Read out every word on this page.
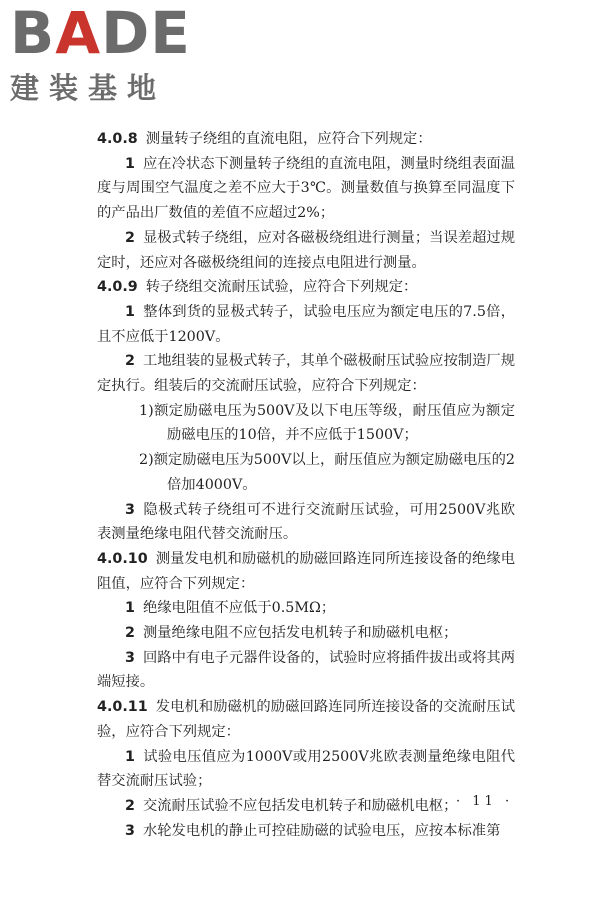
B A DE
建装基地

4.0.8 测量转子绕组的直流电阻，应符合下列规定：

1 应在冷状态下测量转子绕组的直流电阻，测量时绕组表面温度与周围空气温度之差不应大于3℃。测量数值与换算至同温度下的产品出厂数值的差值不应超过2%；

2 显极式转子绕组，应对各磁极绕组进行测量；当误差超过规定时，还应对各磁极绕组间的连接点电阻进行测量。

4.0.9 转子绕组交流耐压试验，应符合下列规定：

1 整体到货的显极式转子，试验电压应为额定电压的7.5倍，且不应低于1200V。

2 工地组装的显极式转子，其单个磁极耐压试验应按制造厂规定执行。组装后的交流耐压试验，应符合下列规定：

1)额定励磁电压为500V及以下电压等级，耐压值应为额定励磁电压的10倍，并不应低于1500V；

2)额定励磁电压为500V以上，耐压值应为额定励磁电压的2倍加4000V。

3 隐极式转子绕组可不进行交流耐压试验，可用2500V兆欧表测量绝缘电阻代替交流耐压。

4.0.10 测量发电机和励磁机的励磁回路连同所连接设备的绝缘电阻值，应符合下列规定：

1 绝缘电阻值不应低于0.5MΩ；

2 测量绝缘电阻不应包括发电机转子和励磁机电枢；

3 回路中有电子元器件设备的，试验时应将插件拔出或将其两端短接。

4.0.11 发电机和励磁机的励磁回路连同所连接设备的交流耐压试验，应符合下列规定：

1 试验电压值应为1000V或用2500V兆欧表测量绝缘电阻代替交流耐压试验；

2 交流耐压试验不应包括发电机转子和励磁机电枢；

3 水轮发电机的静止可控硅励磁的试验电压，应按本标准第

· 11 ·
